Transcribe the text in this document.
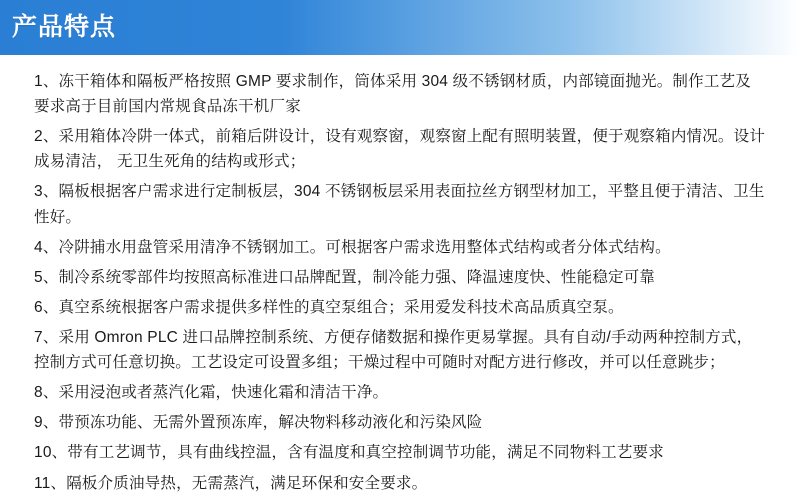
产品特点

1、冻干箱体和隔板严格按照 GMP 要求制作，筒体采用 304 级不锈钢材质，内部镜面抛光。制作工艺及要求高于目前国内常规食品冻干机厂家

2、采用箱体冷阱一体式，前箱后阱设计，设有观察窗，观察窗上配有照明装置，便于观察箱内情况。设计成易清洁， 无卫生死角的结构或形式；

3、隔板根据客户需求进行定制板层，304 不锈钢板层采用表面拉丝方钢型材加工，平整且便于清洁、卫生性好。

4、冷阱捕水用盘管采用清净不锈钢加工。可根据客户需求选用整体式结构或者分体式结构。

5、制冷系统零部件均按照高标准进口品牌配置，制冷能力强、降温速度快、性能稳定可靠

6、真空系统根据客户需求提供多样性的真空泵组合；采用爱发科技术高品质真空泵。

7、采用 Omron PLC 进口品牌控制系统、方便存储数据和操作更易掌握。具有自动/手动两种控制方式，控制方式可任意切换。工艺设定可设置多组；干燥过程中可随时对配方进行修改，并可以任意跳步；

8、采用浸泡或者蒸汽化霜，快速化霜和清洁干净。

9、带预冻功能、无需外置预冻库，解决物料移动液化和污染风险

10、带有工艺调节，具有曲线控温，含有温度和真空控制调节功能，满足不同物料工艺要求

11、隔板介质油导热，无需蒸汽，满足环保和安全要求。
